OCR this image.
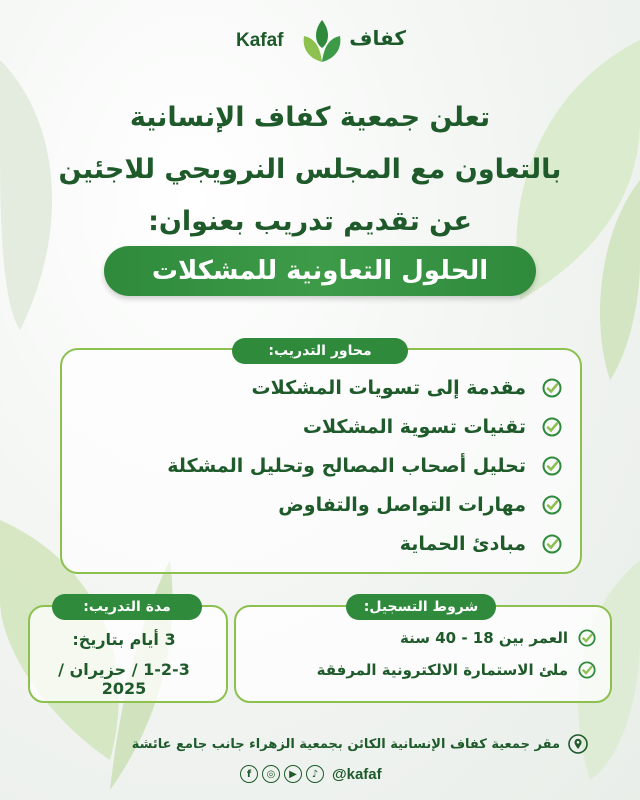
Kafaf	كفاف
تعلن جمعية كفاف الإنسانية
بالتعاون مع المجلس النرويجي للاجئين
عن تقديم تدريب بعنوان:
الحلول التعاونية للمشكلات
محاور التدريب:
مقدمة إلى تسويات المشكلات
تقنيات تسوية المشكلات
تحليل أصحاب المصالح وتحليل المشكلة
مهارات التواصل والتفاوض
مبادئ الحماية
شروط التسجيل:
العمر بين 18 - 40 سنة
ملئ الاستمارة الالكترونية المرفقة
مدة التدريب:
3 أيام بتاريخ:
1-2-3 / حزيران / 2025
مقر جمعية كفاف الإنسانية الكائن بجمعية الزهراء جانب جامع عائشة
f	◎	▶	♪ @kafaf
